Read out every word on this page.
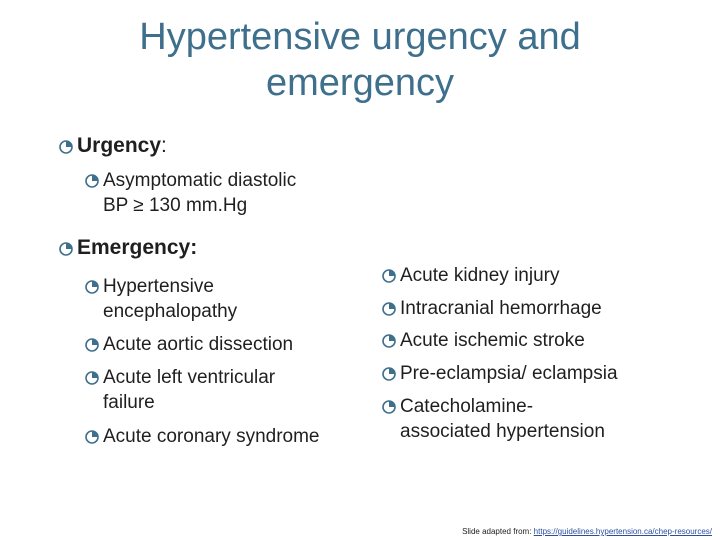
Hypertensive urgency and
emergency
Urgency:
Asymptomatic diastolic
BP ≥ 130 mm.Hg
Emergency:
Hypertensive
encephalopathy
Acute aortic dissection
Acute left ventricular
failure
Acute coronary syndrome
Acute kidney injury
Intracranial hemorrhage
Acute ischemic stroke
Pre-eclampsia/ eclampsia
Catecholamine-
associated hypertension
Slide adapted from: https://guidelines.hypertension.ca/chep-resources/
